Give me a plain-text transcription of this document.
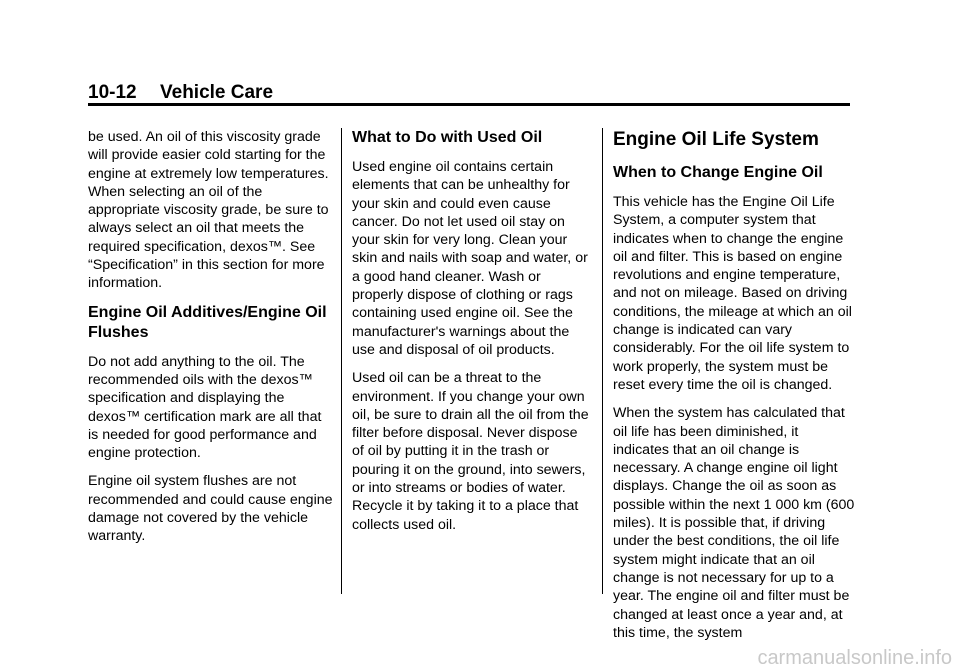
10-12 Vehicle Care

be used. An oil of this viscosity grade will provide easier cold starting for the engine at extremely low temperatures. When selecting an oil of the appropriate viscosity grade, be sure to always select an oil that meets the required specification, dexos™. See “Specification” in this section for more information.

Engine Oil Additives/Engine Oil Flushes

Do not add anything to the oil. The recommended oils with the dexos™ specification and displaying the dexos™ certification mark are all that is needed for good performance and engine protection.

Engine oil system flushes are not recommended and could cause engine damage not covered by the vehicle warranty.

What to Do with Used Oil

Used engine oil contains certain elements that can be unhealthy for your skin and could even cause cancer. Do not let used oil stay on your skin for very long. Clean your skin and nails with soap and water, or a good hand cleaner. Wash or properly dispose of clothing or rags containing used engine oil. See the manufacturer's warnings about the use and disposal of oil products.

Used oil can be a threat to the environment. If you change your own oil, be sure to drain all the oil from the filter before disposal. Never dispose of oil by putting it in the trash or pouring it on the ground, into sewers, or into streams or bodies of water. Recycle it by taking it to a place that collects used oil.

Engine Oil Life System
When to Change Engine Oil

This vehicle has the Engine Oil Life System, a computer system that indicates when to change the engine oil and filter. This is based on engine revolutions and engine temperature, and not on mileage. Based on driving conditions, the mileage at which an oil change is indicated can vary considerably. For the oil life system to work properly, the system must be reset every time the oil is changed.

When the system has calculated that oil life has been diminished, it indicates that an oil change is necessary. A change engine oil light displays. Change the oil as soon as possible within the next 1 000 km (600 miles). It is possible that, if driving under the best conditions, the oil life system might indicate that an oil change is not necessary for up to a year. The engine oil and filter must be changed at least once a year and, at this time, the system

carmanualsonline.info
